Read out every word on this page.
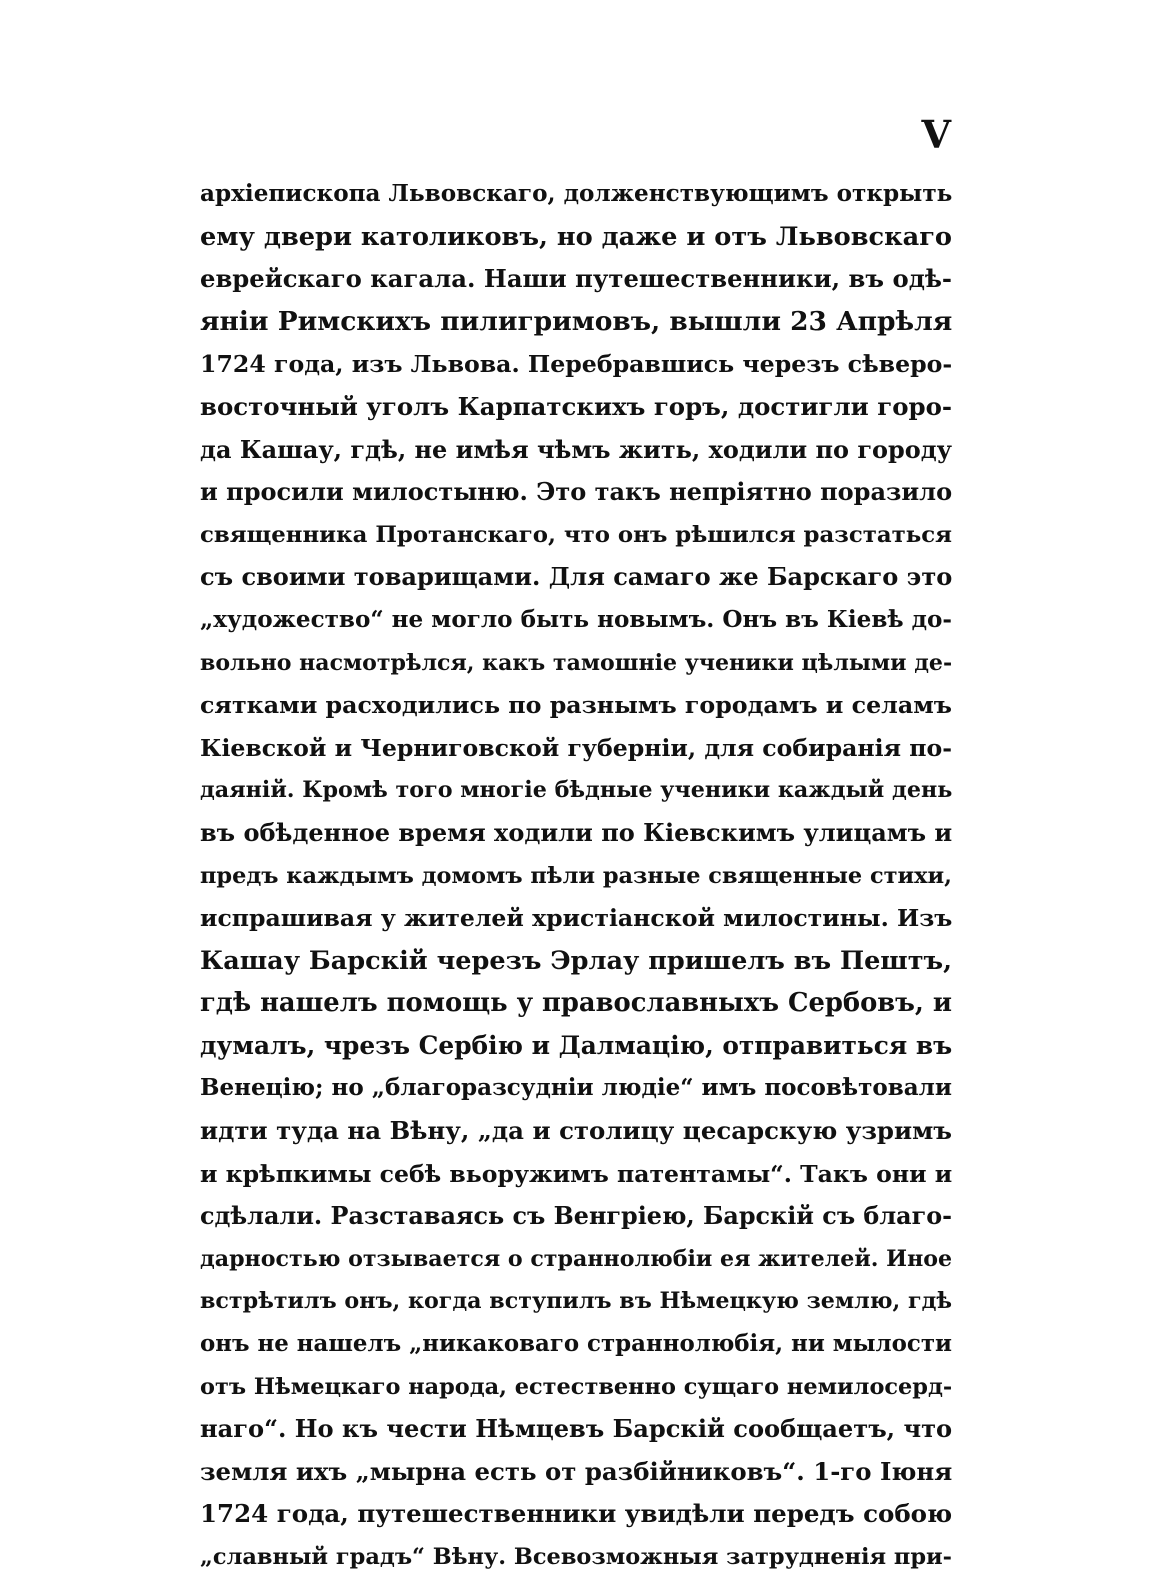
V
архіепископа Львовскаго, долженствующимъ открыть
ему двери католиковъ, но даже и отъ Львовскаго
еврейскаго кагала. Наши путешественники, въ одѣ-
яніи Римскихъ пилигримовъ, вышли 23 Апрѣля
1724 года, изъ Львова. Перебравшись черезъ сѣверо-
восточный уголъ Карпатскихъ горъ, достигли горо-
да Кашау, гдѣ, не имѣя чѣмъ жить, ходили по городу
и просили милостыню. Это такъ непріятно поразило
священника Протанскаго, что онъ рѣшился разстаться
съ своими товарищами. Для самаго же Барскаго это
„художество“ не могло быть новымъ. Онъ въ Кіевѣ до-
вольно насмотрѣлся, какъ тамошніе ученики цѣлыми де-
сятками расходились по разнымъ городамъ и селамъ
Кіевской и Черниговской губерніи, для собиранія по-
даяній. Кромѣ того многіе бѣдные ученики каждый день
въ обѣденное время ходили по Кіевскимъ улицамъ и
предъ каждымъ домомъ пѣли разные священные стихи,
испрашивая у жителей христіанской милостины. Изъ
Кашау Барскій черезъ Эрлау пришелъ въ Пештъ,
гдѣ нашелъ помощь у православныхъ Сербовъ, и
думалъ, чрезъ Сербію и Далмацію, отправиться въ
Венецію; но „благоразсудніи людіе“ имъ посовѣтовали
идти туда на Вѣну, „да и столицу цесарскую узримъ
и крѣпкимы себѣ вьоружимъ патентамы“. Такъ они и
сдѣлали. Разставаясь съ Венгріею, Барскій съ благо-
дарностью отзывается о страннолюбіи ея жителей. Иное
встрѣтилъ онъ, когда вступилъ въ Нѣмецкую землю, гдѣ
онъ не нашелъ „никаковаго страннолюбія, ни мылости
отъ Нѣмецкаго народа, естественно сущаго немилосерд-
наго“. Но къ чести Нѣмцевъ Барскій сообщаетъ, что
земля ихъ „мырна есть от разбійниковъ“. 1-го Іюня
1724 года, путешественники увидѣли передъ собою
„славный градъ“ Вѣну. Всевозможныя затрудненія при-
